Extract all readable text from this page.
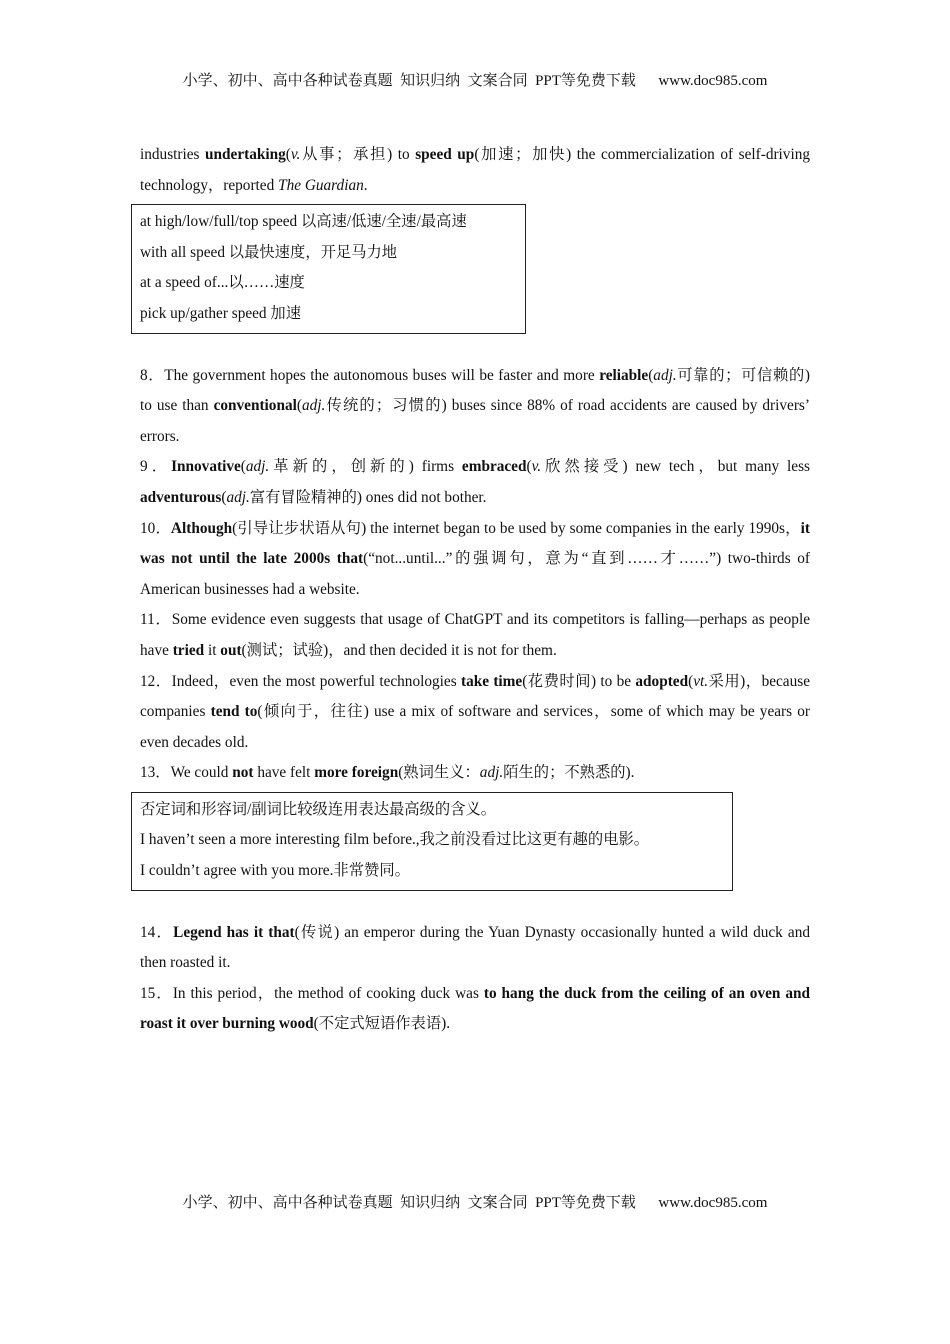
小学、初中、高中各种试卷真题  知识归纳  文案合同  PPT等免费下载      www.doc985.com

industries undertaking(v.从事；承担) to speed up(加速；加快) the commercialization of self-driving technology，reported The Guardian.

at high/low/full/top speed 以高速/低速/全速/最高速

with all speed 以最快速度，开足马力地

at a speed of...以……速度

pick up/gather speed 加速

8．The government hopes the autonomous buses will be faster and more reliable(adj.可靠的；可信赖的) to use than conventional(adj.传统的；习惯的) buses since 88% of road accidents are caused by drivers’ errors.

9．Innovative(adj.革新的，创新的) firms embraced(v.欣然接受) new tech，but many less adventurous(adj.富有冒险精神的) ones did not bother.

10．Although(引导让步状语从句) the internet began to be used by some companies in the early 1990s，it was not until the late 2000s that(“not...until...”的强调句，意为“直到……才……”) two-thirds of American businesses had a website.

11．Some evidence even suggests that usage of ChatGPT and its competitors is falling—perhaps as people have tried it out(测试；试验)，and then decided it is not for them.

12．Indeed，even the most powerful technologies take time(花费时间) to be adopted(vt.采用)，because companies tend to(倾向于，往往) use a mix of software and services，some of which may be years or even decades old.

13．We could not have felt more foreign(熟词生义：adj.陌生的；不熟悉的).

否定词和形容词/副词比较级连用表达最高级的含义。

I haven’t seen a more interesting film before.,我之前没看过比这更有趣的电影。

I couldn’t agree with you more.非常赞同。

14．Legend has it that(传说) an emperor during the Yuan Dynasty occasionally hunted a wild duck and then roasted it.

15．In this period，the method of cooking duck was to hang the duck from the ceiling of an oven and roast it over burning wood(不定式短语作表语).

小学、初中、高中各种试卷真题  知识归纳  文案合同  PPT等免费下载      www.doc985.com
